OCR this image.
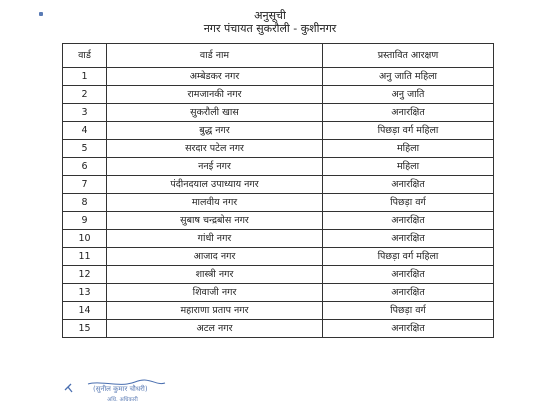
अनुसूची
नगर पंचायत सुकरौली - कुशीनगर
वार्ड	वार्ड नाम	प्रस्तावित आरक्षण
1	अम्बेडकर नगर	अनु जाति महिला
2	रामजानकी नगर	अनु जाति
3	सुकरौली खास	अनारक्षित
4	बुद्ध नगर	पिछड़ा वर्ग महिला
5	सरदार पटेल नगर	महिला
6	ननई नगर	महिला
7	पंदीनदयाल उपाध्याय नगर	अनारक्षित
8	मालवीय नगर	पिछड़ा वर्ग
9	सुबाष चन्द्रबोस नगर	अनारक्षित
10	गांधी नगर	अनारक्षित
11	आजाद नगर	पिछड़ा वर्ग महिला
12	शास्त्री नगर	अनारक्षित
13	शिवाजी नगर	अनारक्षित
14	महाराणा प्रताप नगर	पिछड़ा वर्ग
15	अटल नगर	अनारक्षित
(सुनील कुमार चौधरी)
अधि. अधिकारी
